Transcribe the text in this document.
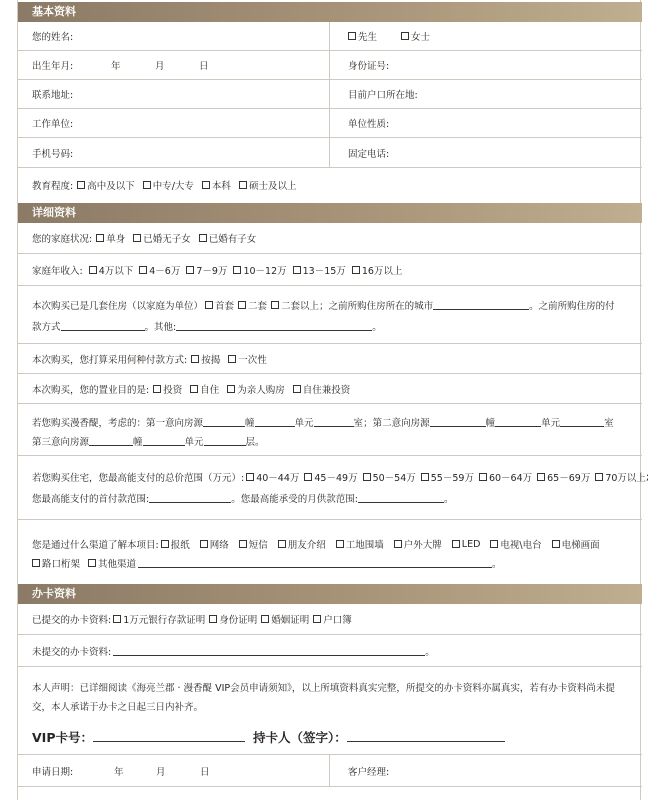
基本资料
您的姓名:	先生	女士
出生年月:	年	月	日	身份证号:
联系地址:	目前户口所在地:
工作单位:	单位性质:
手机号码:	固定电话:
教育程度: 高中及以下 中专/大专 本科 硕士及以上
详细资料
您的家庭状况: 单身 已婚无子女 已婚有子女
家庭年收入: 4万以下 4－6万 7－9万 10－12万 13－15万 16万以上
本次购买已是几套住房（以家庭为单位） 首套 二套 二套以上 ；之前所购住房所在的城市	。之前所购住房的付
款方式	。其他:	。
本次购买，您打算采用何种付款方式: 按揭 一次性
本次购买，您的置业目的是: 投资 自住 为亲人购房 自住兼投资
若您购买漫香醍，考虑的：第一意向房源	幢	单元	室 ；第二意向房源	幢	单元	室
第三意向房源	幢	单元	层。
若您购买住宅，您最高能支付的总价范围（万元）: 40－44万 45－49万 50－54万 55－59万 60－64万 65－69万 70万以上 ;
您最高能支付的首付款范围:	。您最高能承受的月供款范围:	。
您是通过什么渠道了解本项目: 报纸 网络 短信 朋友介绍 工地围墙 户外大牌 LED 电视\电台 电梯画面
路口桁架 其他渠道	。
办卡资料
已提交的办卡资料: 1万元银行存款证明 身份证明 婚姻证明 户口簿
未提交的办卡资料:	。
本人声明：已详细阅读《海亮兰郡 · 漫香醍 VIP会员申请须知》，以上所填资料真实完整，所提交的办卡资料亦属真实，若有办卡资料尚未提
交，本人承诺于办卡之日起三日内补齐。
VIP卡号：	持卡人（签字）：
申请日期:	年	月	日	客户经理:
